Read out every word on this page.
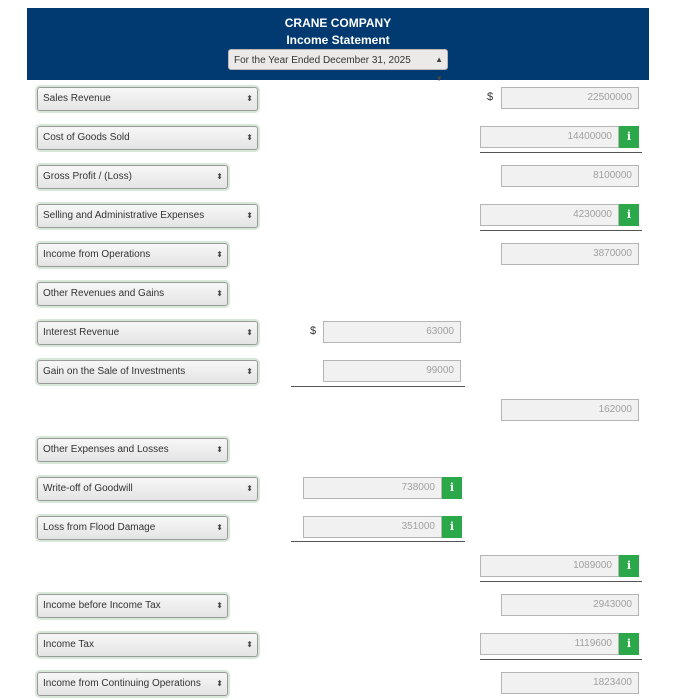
CRANE COMPANY
Income Statement
For the Year Ended December 31, 2025	▲
▼
Sales Revenue	⬍	$	22500000
Cost of Goods Sold	⬍	14400000	i
Gross Profit / (Loss)	⬍	8100000
Selling and Administrative Expenses	⬍	4230000	i
Income from Operations	⬍	3870000
Other Revenues and Gains	⬍
Interest Revenue	⬍	$	63000
Gain on the Sale of Investments	⬍	99000
162000
Other Expenses and Losses	⬍
Write-off of Goodwill	⬍	738000	i
Loss from Flood Damage	⬍	351000	i
1089000	i
Income before Income Tax	⬍	2943000
Income Tax	⬍	1119600	i
Income from Continuing Operations ⬍	1823400
